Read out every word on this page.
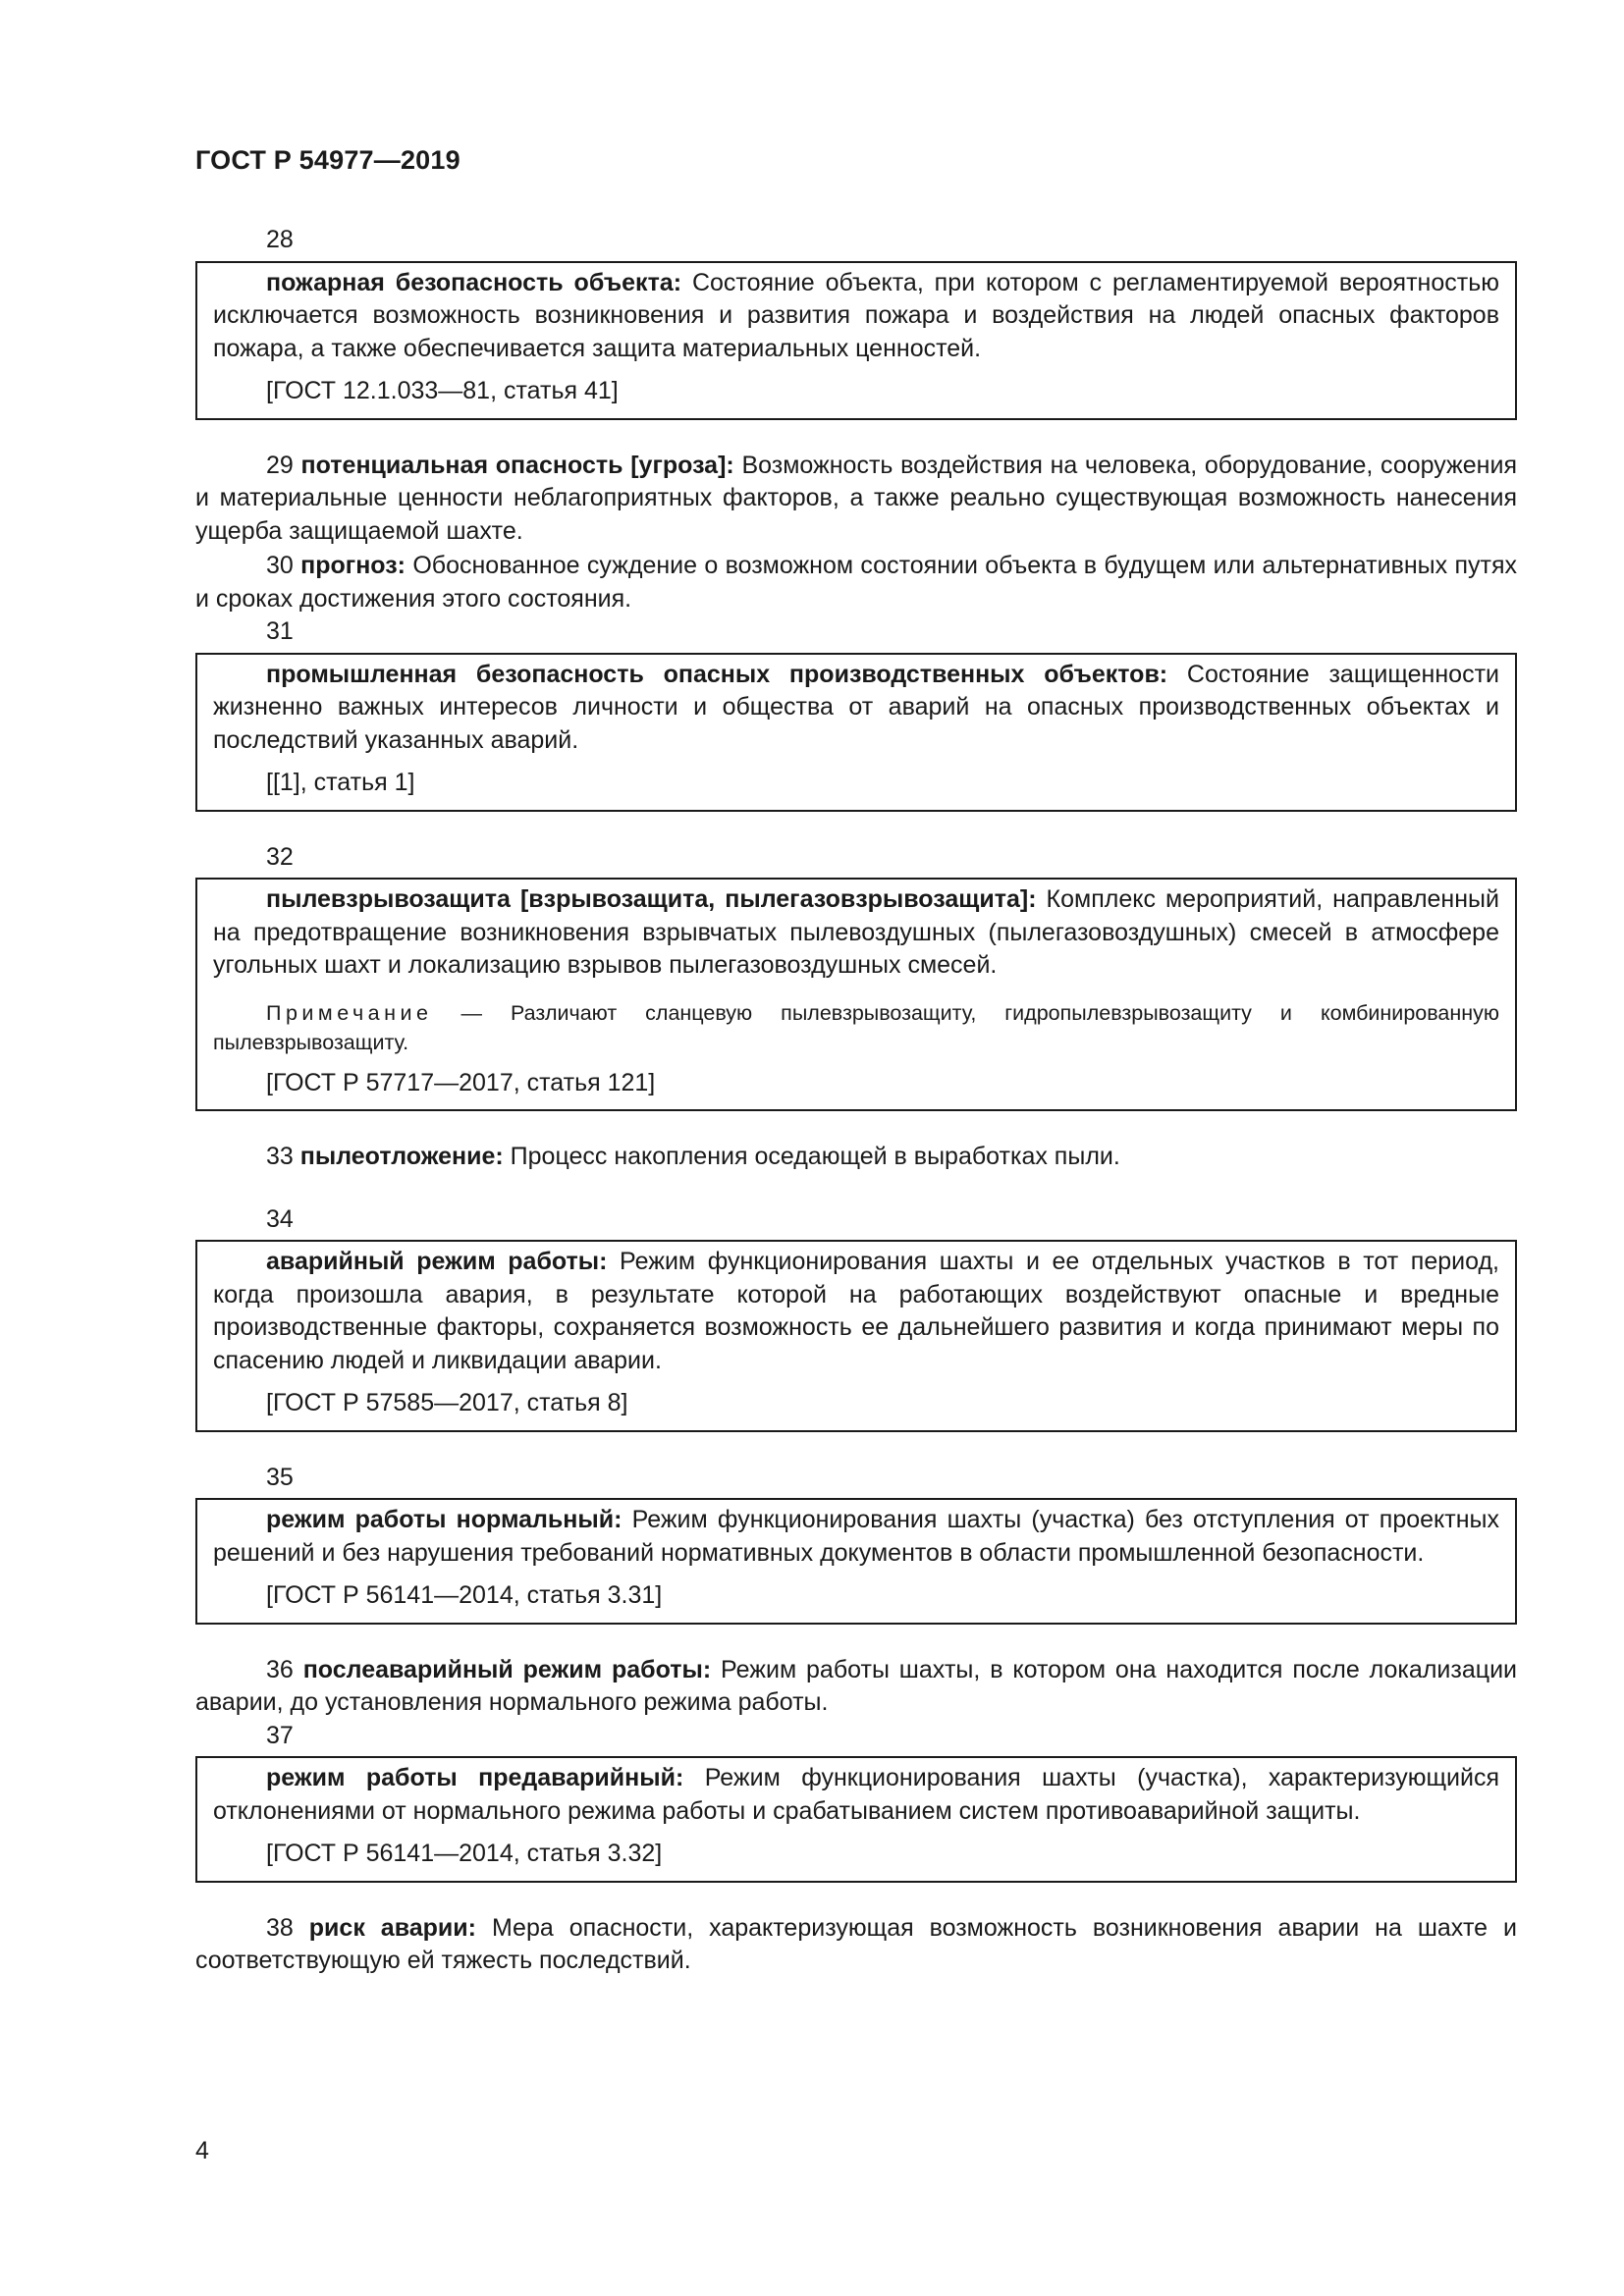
ГОСТ Р 54977—2019
28
пожарная безопасность объекта: Состояние объекта, при котором с регламентируемой вероятностью исключается возможность возникновения и развития пожара и воздействия на людей опасных факторов пожара, а также обеспечивается защита материальных ценностей.
[ГОСТ 12.1.033—81, статья 41]
29 потенциальная опасность [угроза]: Возможность воздействия на человека, оборудование, сооружения и материальные ценности неблагоприятных факторов, а также реально существующая возможность нанесения ущерба защищаемой шахте.
30 прогноз: Обоснованное суждение о возможном состоянии объекта в будущем или альтернативных путях и сроках достижения этого состояния.
31
промышленная безопасность опасных производственных объектов: Состояние защищенности жизненно важных интересов личности и общества от аварий на опасных производственных объектах и последствий указанных аварий.
[[1], статья 1]
32
пылевзрывозащита [взрывозащита, пылегазовзрывозащита]: Комплекс мероприятий, направленный на предотвращение возникновения взрывчатых пылевоздушных (пылегазовоздушных) смесей в атмосфере угольных шахт и локализацию взрывов пылегазовоздушных смесей.
Примечание — Различают сланцевую пылевзрывозащиту, гидропылевзрывозащиту и комбинированную пылевзрывозащиту.
[ГОСТ Р 57717—2017, статья 121]
33 пылеотложение: Процесс накопления оседающей в выработках пыли.
34
аварийный режим работы: Режим функционирования шахты и ее отдельных участков в тот период, когда произошла авария, в результате которой на работающих воздействуют опасные и вредные производственные факторы, сохраняется возможность ее дальнейшего развития и когда принимают меры по спасению людей и ликвидации аварии.
[ГОСТ Р 57585—2017, статья 8]
35
режим работы нормальный: Режим функционирования шахты (участка) без отступления от проектных решений и без нарушения требований нормативных документов в области промышленной безопасности.
[ГОСТ Р 56141—2014, статья 3.31]
36 послеаварийный режим работы: Режим работы шахты, в котором она находится после локализации аварии, до установления нормального режима работы.
37
режим работы предаварийный: Режим функционирования шахты (участка), характеризующийся отклонениями от нормального режима работы и срабатыванием систем противоаварийной защиты.
[ГОСТ Р 56141—2014, статья 3.32]
38 риск аварии: Мера опасности, характеризующая возможность возникновения аварии на шахте и соответствующую ей тяжесть последствий.
4
